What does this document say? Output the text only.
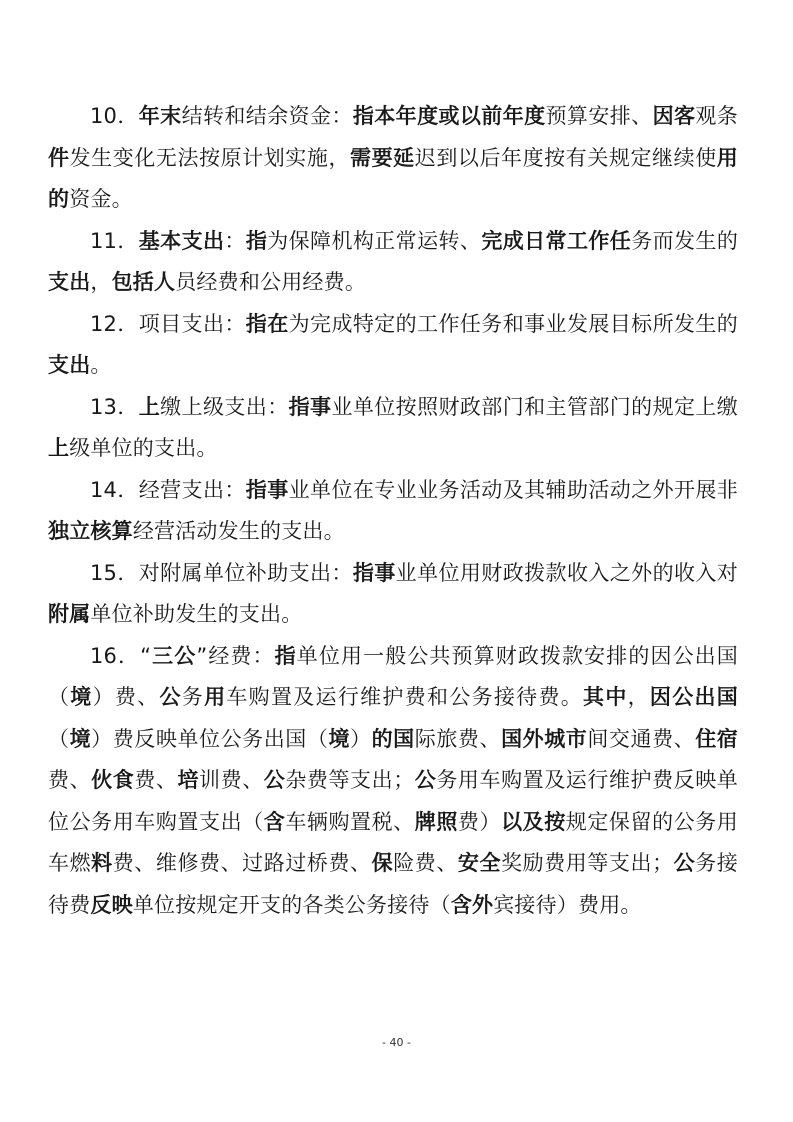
10．年末结转和结余资金：指本年度或以前年度预算安排、因客观条件发生变化无法按原计划实施，需要延迟到以后年度按有关规定继续使用的资金。

11．基本支出：指为保障机构正常运转、完成日常工作任务而发生的支出，包括人员经费和公用经费。

12．项目支出：指在为完成特定的工作任务和事业发展目标所发生的支出。

13．上缴上级支出：指事业单位按照财政部门和主管部门的规定上缴上级单位的支出。

14．经营支出：指事业单位在专业业务活动及其辅助活动之外开展非独立核算经营活动发生的支出。

15．对附属单位补助支出：指事业单位用财政拨款收入之外的收入对附属单位补助发生的支出。

16．“三公”经费：指单位用一般公共预算财政拨款安排的因公出国（境）费、公务用车购置及运行维护费和公务接待费。其中，因公出国（境）费反映单位公务出国（境）的国际旅费、国外城市间交通费、住宿费、伙食费、培训费、公杂费等支出；公务用车购置及运行维护费反映单位公务用车购置支出（含车辆购置税、牌照费）以及按规定保留的公务用车燃料费、维修费、过路过桥费、保险费、安全奖励费用等支出；公务接待费反映单位按规定开支的各类公务接待（含外宾接待）费用。

- 40 -
